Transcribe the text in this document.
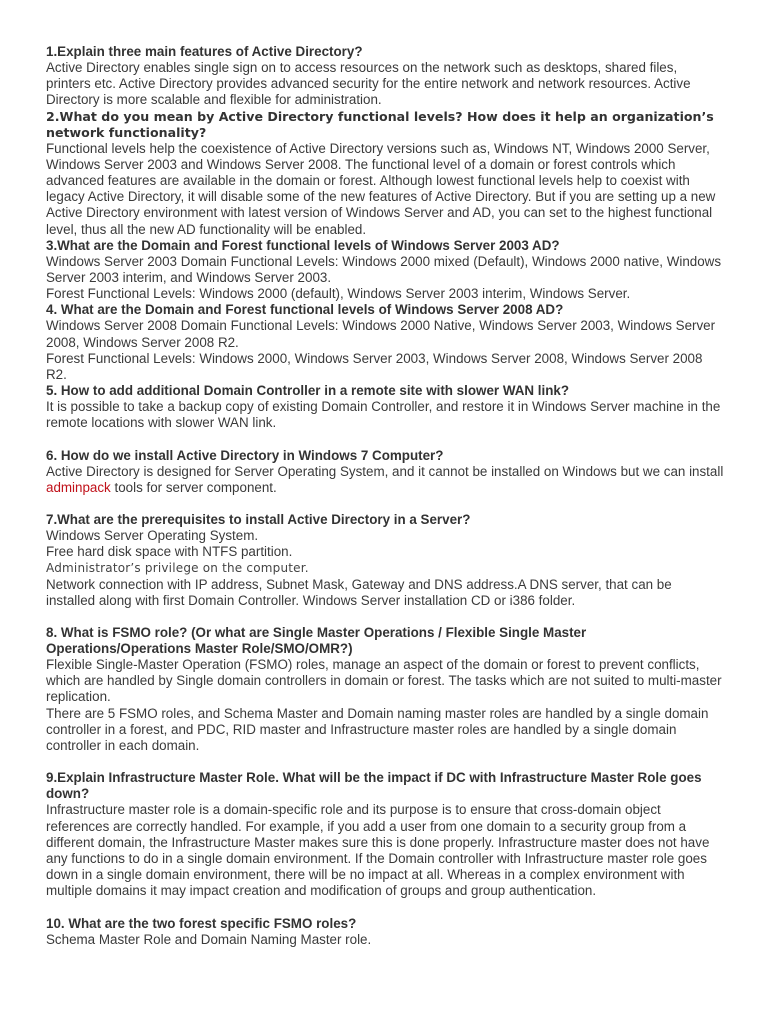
1.Explain three main features of Active Directory?
Active Directory enables single sign on to access resources on the network such as desktops, shared files, printers etc. Active Directory provides advanced security for the entire network and network resources. Active Directory is more scalable and flexible for administration.
2.What do you mean by Active Directory functional levels? How does it help an organization’s network functionality?
Functional levels help the coexistence of Active Directory versions such as, Windows NT, Windows 2000 Server, Windows Server 2003 and Windows Server 2008. The functional level of a domain or forest controls which advanced features are available in the domain or forest. Although lowest functional levels help to coexist with legacy Active Directory, it will disable some of the new features of Active Directory. But if you are setting up a new Active Directory environment with latest version of Windows Server and AD, you can set to the highest functional level, thus all the new AD functionality will be enabled.
3.What are the Domain and Forest functional levels of Windows Server 2003 AD?
Windows Server 2003 Domain Functional Levels: Windows 2000 mixed (Default), Windows 2000 native, Windows Server 2003 interim, and Windows Server 2003.
Forest Functional Levels: Windows 2000 (default), Windows Server 2003 interim, Windows Server.
4. What are the Domain and Forest functional levels of Windows Server 2008 AD?
Windows Server 2008 Domain Functional Levels: Windows 2000 Native, Windows Server 2003, Windows Server 2008, Windows Server 2008 R2.
Forest Functional Levels: Windows 2000, Windows Server 2003, Windows Server 2008, Windows Server 2008 R2.
5. How to add additional Domain Controller in a remote site with slower WAN link?
It is possible to take a backup copy of existing Domain Controller, and restore it in Windows Server machine in the remote locations with slower WAN link.
6. How do we install Active Directory in Windows 7 Computer?
Active Directory is designed for Server Operating System, and it cannot be installed on Windows but we can install adminpack tools for server component.
7.What are the prerequisites to install Active Directory in a Server?
Windows Server Operating System.
Free hard disk space with NTFS partition.
Administrator’s privilege on the computer.
Network connection with IP address, Subnet Mask, Gateway and DNS address.A DNS server, that can be installed along with first Domain Controller. Windows Server installation CD or i386 folder.
8. What is FSMO role? (Or what are Single Master Operations / Flexible Single Master Operations/Operations Master Role/SMO/OMR?)
Flexible Single-Master Operation (FSMO) roles, manage an aspect of the domain or forest to prevent conflicts, which are handled by Single domain controllers in domain or forest. The tasks which are not suited to multi-master replication.
There are 5 FSMO roles, and Schema Master and Domain naming master roles are handled by a single domain controller in a forest, and PDC, RID master and Infrastructure master roles are handled by a single domain controller in each domain.
9.Explain Infrastructure Master Role. What will be the impact if DC with Infrastructure Master Role goes down?
Infrastructure master role is a domain-specific role and its purpose is to ensure that cross-domain object references are correctly handled. For example, if you add a user from one domain to a security group from a different domain, the Infrastructure Master makes sure this is done properly. Infrastructure master does not have any functions to do in a single domain environment. If the Domain controller with Infrastructure master role goes down in a single domain environment, there will be no impact at all. Whereas in a complex environment with multiple domains it may impact creation and modification of groups and group authentication.
10. What are the two forest specific FSMO roles?
Schema Master Role and Domain Naming Master role.
